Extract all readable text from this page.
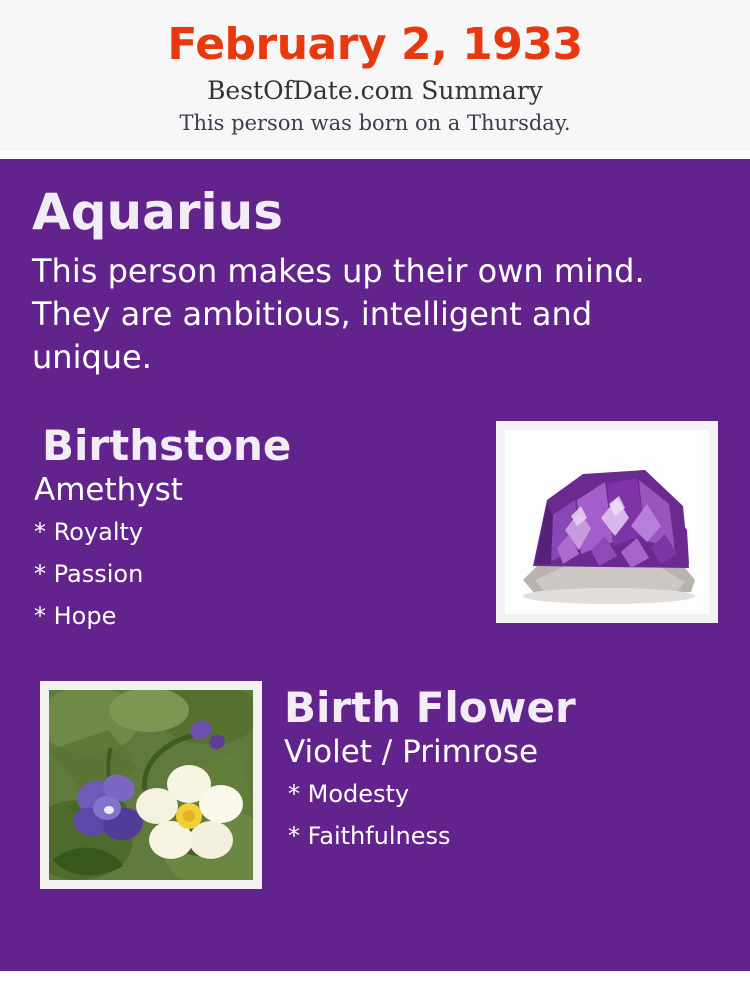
February 2, 1933
BestOfDate.com Summary
This person was born on a Thursday.
Aquarius
This person makes up their own mind. They are ambitious, intelligent and unique.
Birthstone
Amethyst
* Royalty
* Passion
* Hope
Birth Flower
Violet / Primrose
* Modesty
* Faithfulness
